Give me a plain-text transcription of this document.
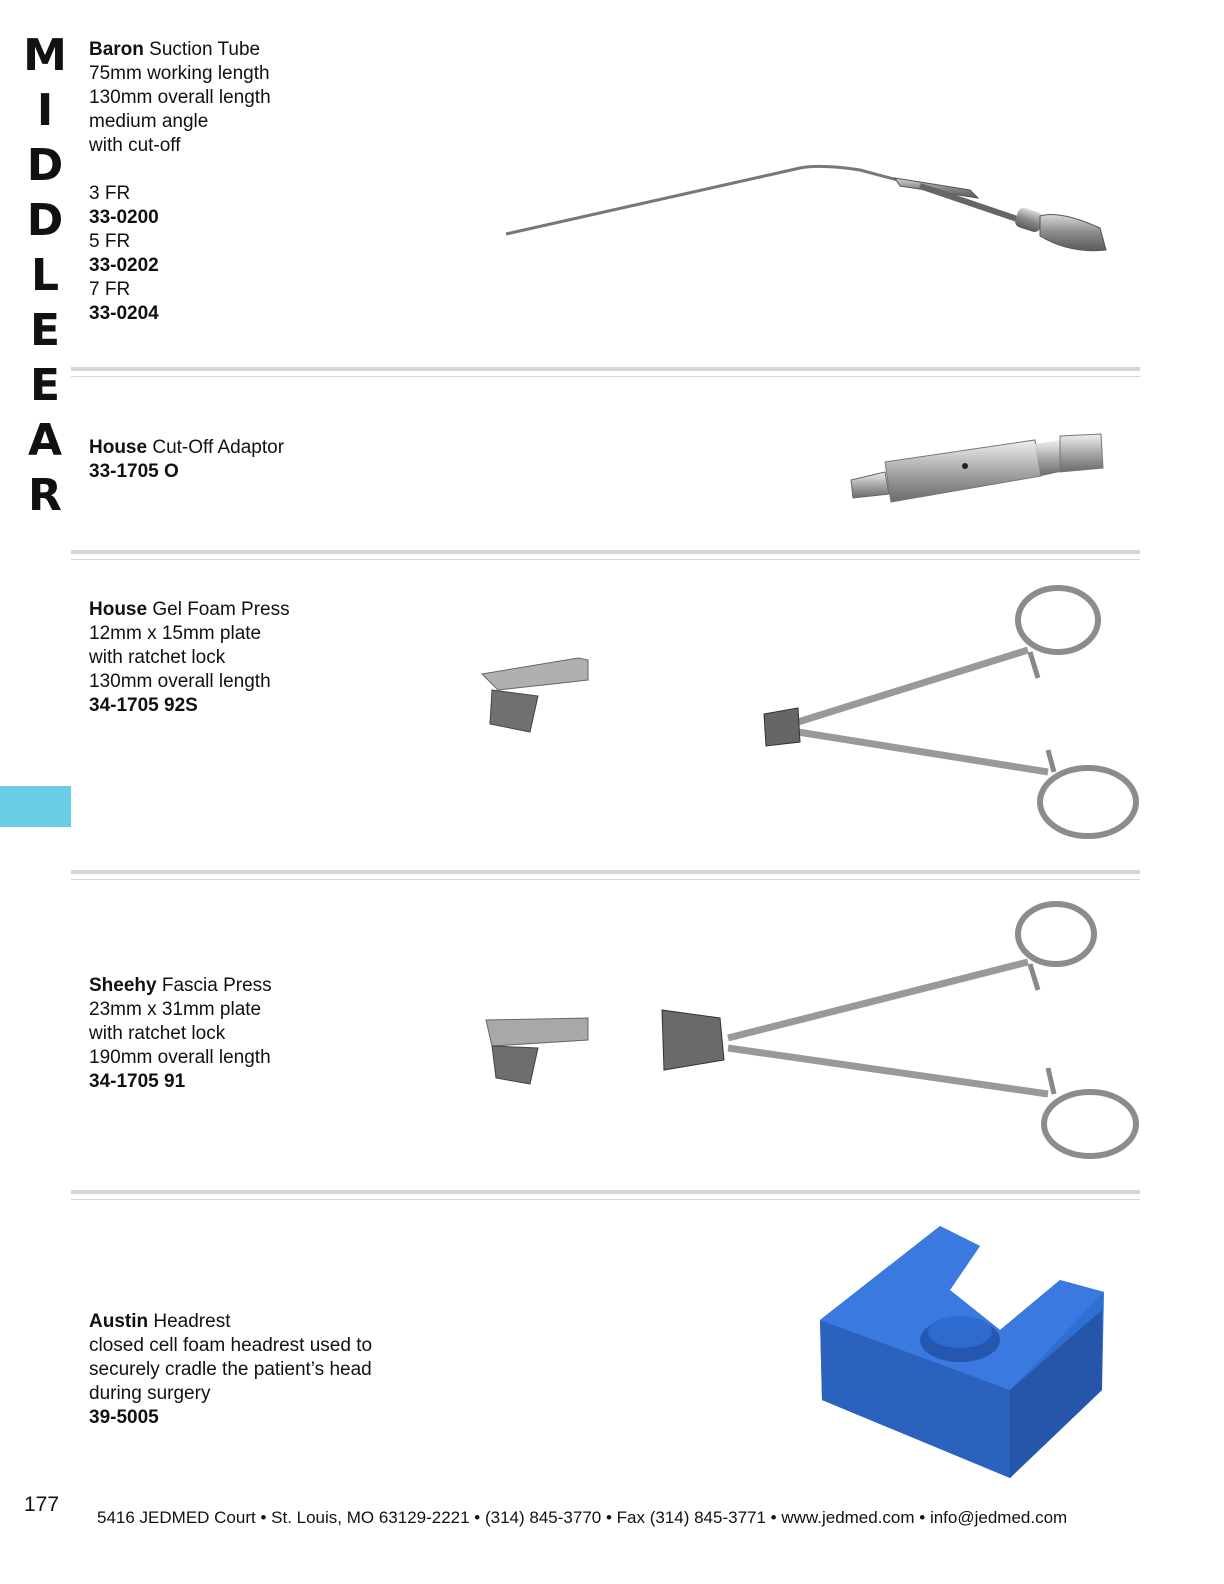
M
I
D
D
L
E
E
A
R
Baron Suction Tube
75mm working length
130mm overall length
medium angle
with cut-off
3 FR
33-0200
5 FR
33-0202
7 FR
33-0204
House Cut-Off Adaptor
33-1705 O
House Gel Foam Press
12mm x 15mm plate
with ratchet lock
130mm overall length
34-1705 92S
Sheehy Fascia Press
23mm x 31mm plate
with ratchet lock
190mm overall length
34-1705 91
Austin Headrest
closed cell foam headrest used to
securely cradle the patient’s head
during surgery
39-5005
177
5416 JEDMED Court • St. Louis, MO 63129-2221 • (314) 845-3770 • Fax (314) 845-3771 • www.jedmed.com • info@jedmed.com
